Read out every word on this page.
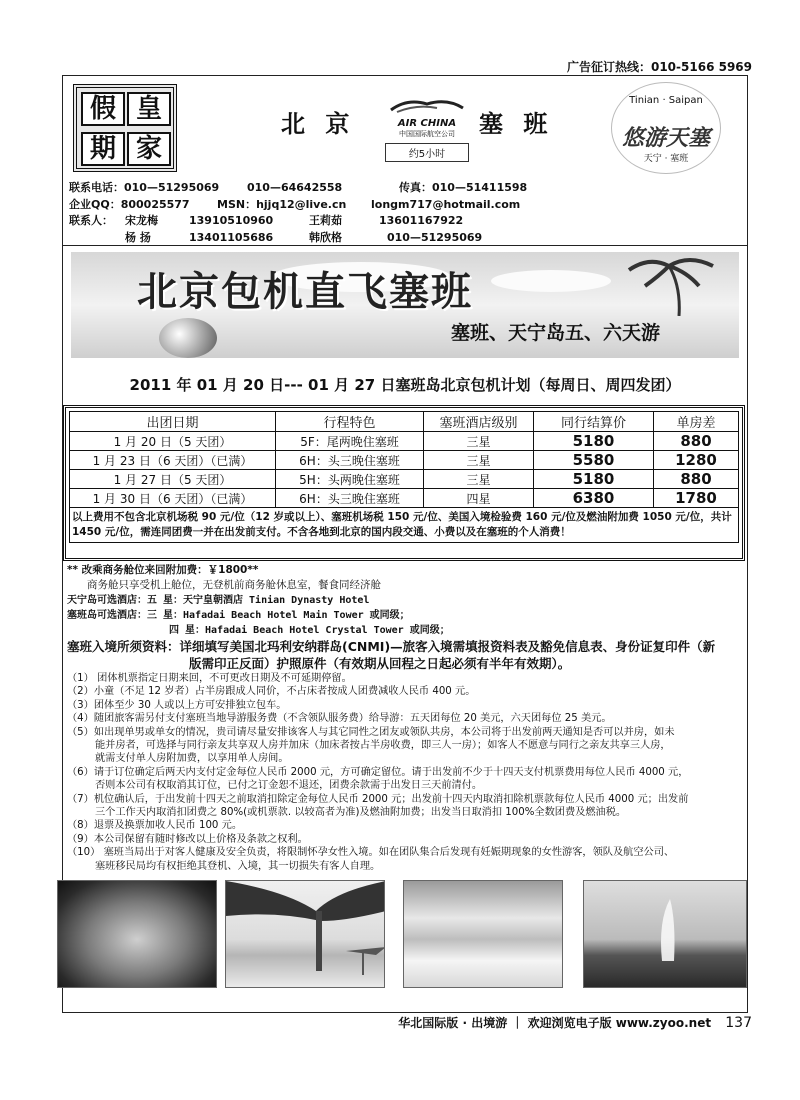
广告征订热线：010-5166 5969
假 皇
期 家
北 京	AIR CHINA
中国国际航空公司
约5小时
塞 班
Tinian · Saipan
悠游天塞
天宁 · 塞班
联系电话：010—51295069	010—64642558	传真：010—51411598
企业QQ：800025577 MSN：hjjq12@live.cn longm717@hotmail.com
联系人： 宋龙梅	13910510960	王莉茹	13601167922
杨 扬	13401105686	韩欣格	010—51295069
北京包机直飞塞班
塞班、天宁岛五、六天游
2011 年 01 月 20 日--- 01 月 27 日塞班岛北京包机计划（每周日、周四发团）
出团日期	行程特色	塞班酒店级别	同行结算价	单房差
1 月 20 日（5 天团）	5F：尾两晚住塞班	三星	5180	880
1 月 23 日（6 天团）（已满）	6H：头三晚住塞班	三星	5580	1280
1 月 27 日（5 天团）	5H：头两晚住塞班	三星	5180	880
1 月 30 日（6 天团）（已满）	6H：头三晚住塞班	四星	6380	1780

以上费用不包含北京机场税 90 元/位（12 岁或以上）、塞班机场税 150 元/位、美国入境检验费 160 元/位及燃油附加费 1050 元/位，共计 1450 元/位，需连同团费一并在出发前支付。不含各地到北京的国内段交通、小费以及在塞班的个人消费！				
** 改乘商务舱位来回附加费：￥1800**
商务舱只享受机上舱位，无登机前商务舱休息室，餐食同经济舱
天宁岛可选酒店：五 星：天宁皇朝酒店 Tinian Dynasty Hotel
塞班岛可选酒店：三 星：Hafadai Beach Hotel Main Tower 或同级；
四 星：Hafadai Beach Hotel Crystal Tower 或同级；
塞班入境所须资料：详细填写美国北玛利安纳群岛(CNMI)—旅客入境需填报资料表及豁免信息表、身份证复印件（新
版需印正反面）护照原件（有效期从回程之日起必须有半年有效期）。
（1） 团体机票指定日期来回，不可更改日期及不可延期停留。
（2）小童（不足 12 岁者）占半房跟成人同价，不占床者按成人团费减收人民币 400 元。
（3）团体至少 30 人或以上方可安排独立包车。
（4）随团旅客需另付支付塞班当地导游服务费（不含领队服务费）给导游：五天团每位 20 美元，六天团每位 25 美元。
（5）如出现单男或单女的情况，贵司请尽量安排该客人与其它同性之团友或领队共房，本公司将于出发前两天通知是否可以并房，如未
能并房者，可选择与同行亲友共享双人房并加床（加床者按占半房收费，即三人一房）；如客人不愿意与同行之亲友共享三人房，
就需支付单人房附加费，以享用单人房间。
（6）请于订位确定后两天内支付定金每位人民币 2000 元，方可确定留位。请于出发前不少于十四天支付机票费用每位人民币 4000 元，
否则本公司有权取消其订位，已付之订金恕不退还，团费余款需于出发日三天前清付。
（7）机位确认后，于出发前十四天之前取消扣除定金每位人民币 2000 元；出发前十四天内取消扣除机票款每位人民币 4000 元；出发前
三个工作天内取消扣团费之 80%(或机票款. 以较高者为准)及燃油附加费；出发当日取消扣 100%全数团费及燃油税。
（8）退票及换票加收人民币 100 元。
（9）本公司保留有随时修改以上价格及条款之权利。
（10） 塞班当局出于对客人健康及安全负责，将限制怀孕女性入境。如在团队集合后发现有妊娠期现象的女性游客，领队及航空公司、
塞班移民局均有权拒绝其登机、入境，其一切损失有客人自理。
华北国际版 · 出境游 ｜ 欢迎浏览电子版 www.zyoo.net 137
